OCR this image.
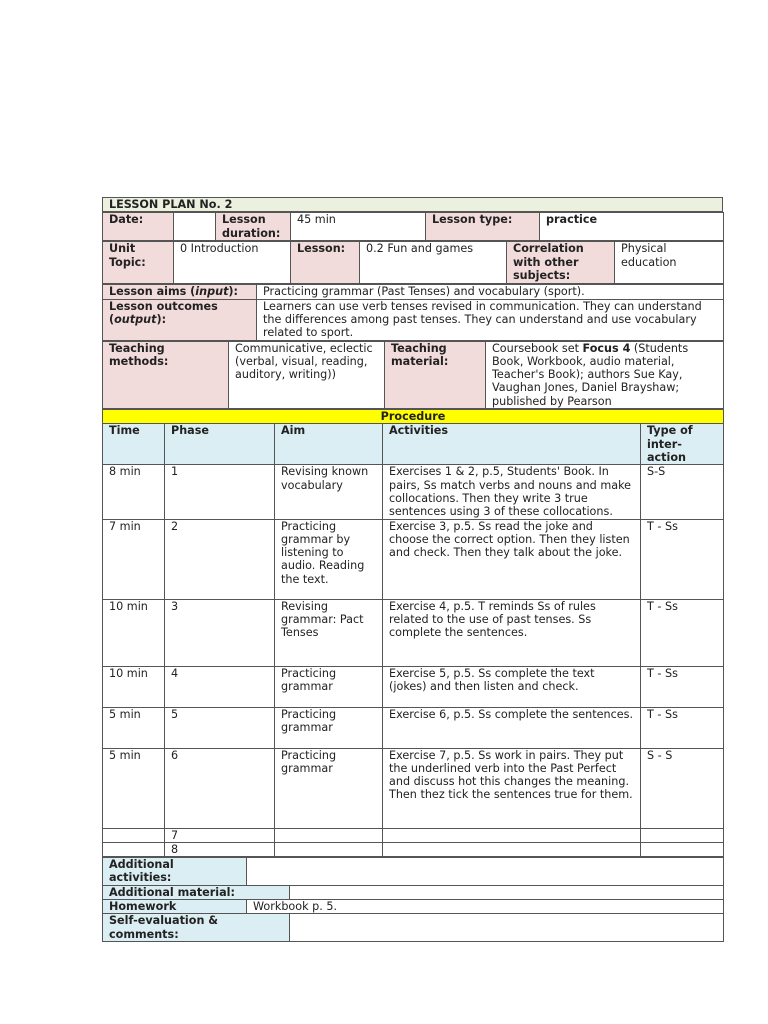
LESSON PLAN No. 2
Date:		Lesson duration:	45 min	Lesson type:	practice
Unit Topic:	0 Introduction	Lesson:	0.2 Fun and games	Correlation with other subjects:	Physical education
Lesson aims (input):	Practicing grammar (Past Tenses) and vocabulary (sport).
Lesson outcomes (output):	Learners can use verb tenses revised in communication. They can understand the differences among past tenses. They can understand and use vocabulary related to sport.
Teaching methods:	Communicative, eclectic (verbal, visual, reading, auditory, writing))	Teaching material:	Coursebook set Focus 4 (Students Book, Workbook, audio material, Teacher's Book); authors Sue Kay, Vaughan Jones, Daniel Brayshaw; published by Pearson
Procedure				
Time	Phase	Aim	Activities	Type of inter-action
8 min	1	Revising known vocabulary	Exercises 1 & 2, p.5, Students' Book. In pairs, Ss match verbs and nouns and make collocations. Then they write 3 true sentences using 3 of these collocations.	S-S
7 min	2	Practicing grammar by listening to audio. Reading the text.	Exercise 3, p.5. Ss read the joke and choose the correct option. Then they listen and check. Then they talk about the joke.	T - Ss
10 min	3	Revising grammar: Pact Tenses	Exercise 4, p.5. T reminds Ss of rules related to the use of past tenses. Ss complete the sentences.	T - Ss
10 min	4	Practicing grammar	Exercise 5, p.5. Ss complete the text (jokes) and then listen and check.	T - Ss
5 min	5	Practicing grammar	Exercise 6, p.5. Ss complete the sentences.	T - Ss
5 min	6	Practicing grammar	Exercise 7, p.5. Ss work in pairs. They put the underlined verb into the Past Perfect and discuss hot this changes the meaning. Then thez tick the sentences true for them.	S - S
	7			
	8			
Additional activities:		
Additional material:		
Homework	Workbook p. 5.	
Self-evaluation & comments:		
